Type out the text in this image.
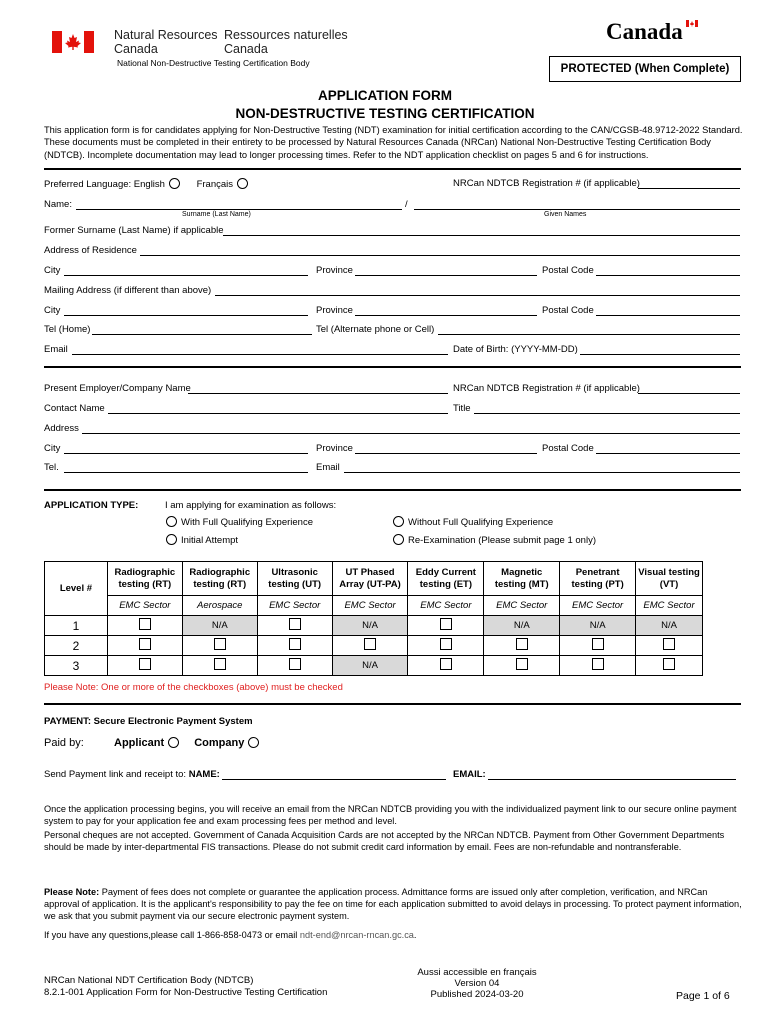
Natural Resources
Canada
Ressources naturelles
Canada
National Non-Destructive Testing Certification Body
Canada
PROTECTED (When Complete)
APPLICATION FORM
NON-DESTRUCTIVE TESTING CERTIFICATION
This application form is for candidates applying for Non-Destructive Testing (NDT) examination for initial certification according to the CAN/CGSB-48.9712-2022 Standard. These documents must be completed in their entirety to be processed by Natural Resources Canada (NRCan) National Non-Destructive Testing Certification Body (NDTCB). Incomplete documentation may lead to longer processing times. Refer to the NDT application checklist on pages 5 and 6 for instructions.
Preferred Language: English	Français	NRCan NDTCB Registration # (if applicable)
Name:	/
Surname (Last Name)	Given Names
Former Surname (Last Name) if applicable
Address of Residence
City	Province	Postal Code
Mailing Address (if different than above)
City	Province	Postal Code
Tel (Home)	Tel (Alternate phone or Cell)
Email	Date of Birth: (YYYY-MM-DD)
Present Employer/Company Name	NRCan NDTCB Registration # (if applicable)
Contact Name	Title
Address
City	Province	Postal Code
Tel.	Email
APPLICATION TYPE:	I am applying for examination as follows:
With Full Qualifying Experience
Initial Attempt
Without Full Qualifying Experience
Re-Examination (Please submit page 1 only)
Level #	Radiographic testing (RT)	Radiographic testing (RT)	Ultrasonic testing (UT)	UT Phased Array (UT-PA)	Eddy Current testing (ET)	Magnetic testing (MT)	Penetrant testing (PT)	Visual testing (VT)
	EMC Sector	Aerospace	EMC Sector	EMC Sector	EMC Sector	EMC Sector	EMC Sector	EMC Sector
1		N/A		N/A		N/A	N/A	N/A
2								
3				N/A				
Please Note: One or more of the checkboxes (above) must be checked
PAYMENT: Secure Electronic Payment System
Paid by:	Applicant	Company
Send Payment link and receipt to: NAME:	EMAIL:
Once the application processing begins, you will receive an email from the NRCan NDTCB providing you with the individualized payment link to our secure online payment system to pay for your application fee and exam processing fees per method and level.
Personal cheques are not accepted. Government of Canada Acquisition Cards are not accepted by the NRCan NDTCB. Payment from Other Government Departments should be made by inter-departmental FIS transactions. Please do not submit credit card information by email. Fees are non-refundable and nontransferable.
Please Note: Payment of fees does not complete or guarantee the application process. Admittance forms are issued only after completion, verification, and NRCan approval of application. It is the applicant's responsibility to pay the fee on time for each application submitted to avoid delays in processing. To protect payment information, we ask that you submit payment via our secure electronic payment system.
If you have any questions,please call 1-866-858-0473 or email ndt-end@nrcan-rncan.gc.ca.
NRCan National NDT Certification Body (NDTCB)
8.2.1-001 Application Form for Non-Destructive Testing Certification
Aussi accessible en français
Version 04
Published 2024-03-20	Page 1 of 6
